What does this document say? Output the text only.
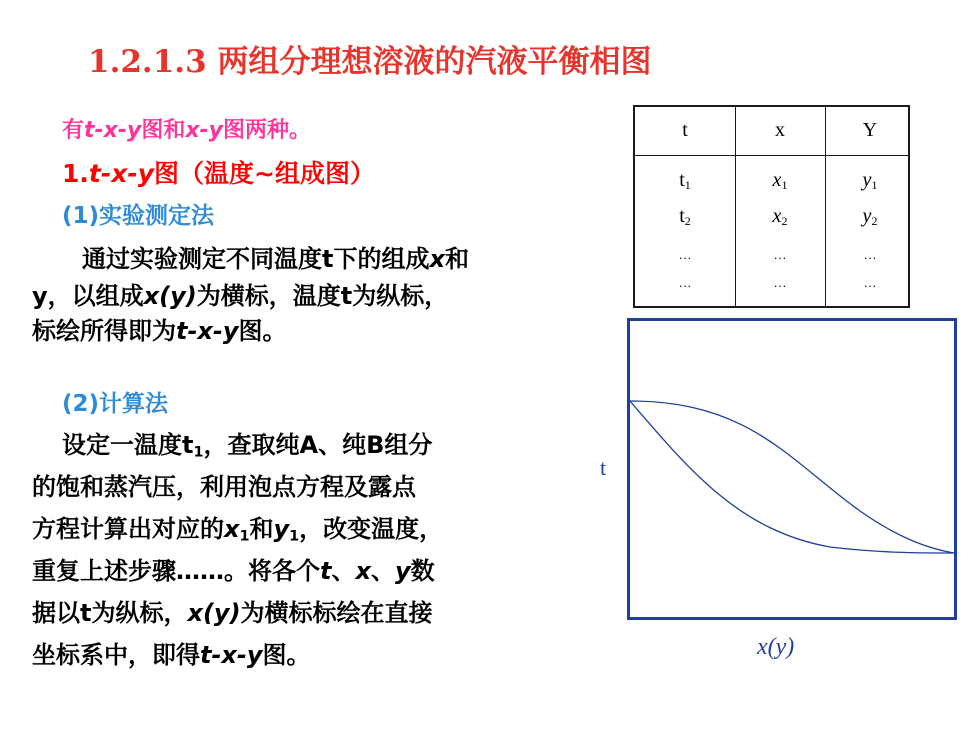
1.2.1.3 两组分理想溶液的汽液平衡相图
有t-x-y图和x-y图两种。
1.t-x-y图（温度~组成图）
(1)实验测定法
通过实验测定不同温度t下的组成x和
y，以组成x(y)为横标，温度t为纵标，
标绘所得即为t-x-y图。
(2)计算法
设定一温度$t_1$，查取纯A、纯B组分
的饱和蒸汽压，利用泡点方程及露点
方程计算出对应的$x_1$和$y_1$，改变温度，
重复上述步骤……。将各个t、x、y数
据以t为纵标，x(y)为横标标绘在直接
坐标系中，即得t-x-y图。
t	x	Y
$t_1$	$x_1$	$y_1$
$t_2$	$x_2$	$y_2$
…	…	…
…	…	…
t
x(y)
